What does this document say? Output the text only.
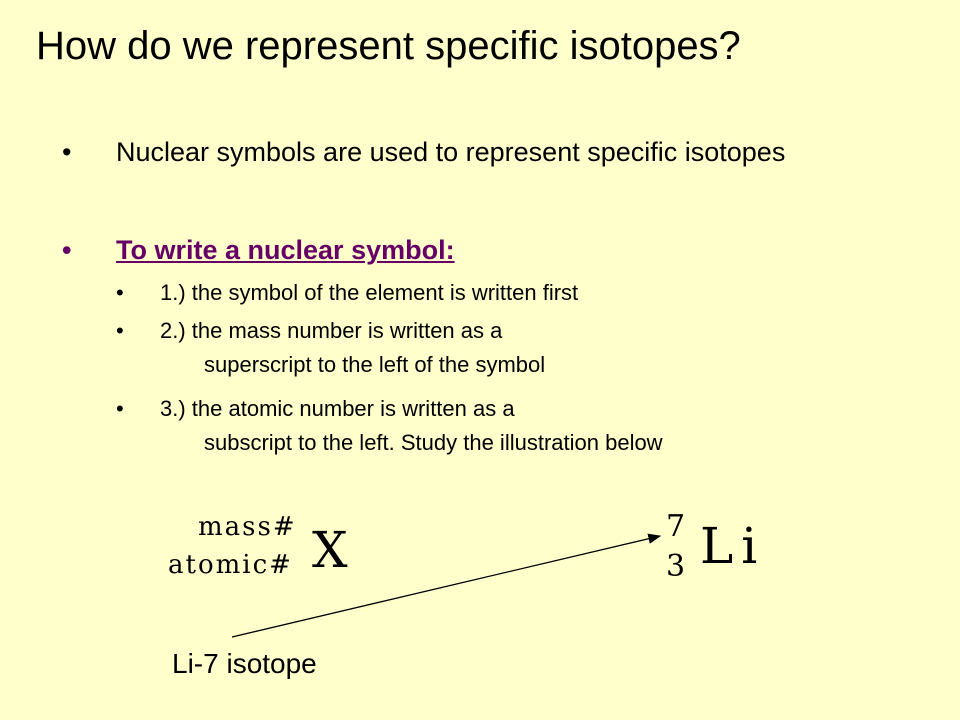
How do we represent specific isotopes?
• Nuclear symbols are used to represent specific isotopes
• To write a nuclear symbol:
• 1.) the symbol of the element is written first
• 2.) the mass number is written as a
superscript to the left of the symbol
• 3.) the atomic number is written as a
subscript to the left. Study the illustration below
mass#
atomic# X	7
3 Li
Li-7 isotope
